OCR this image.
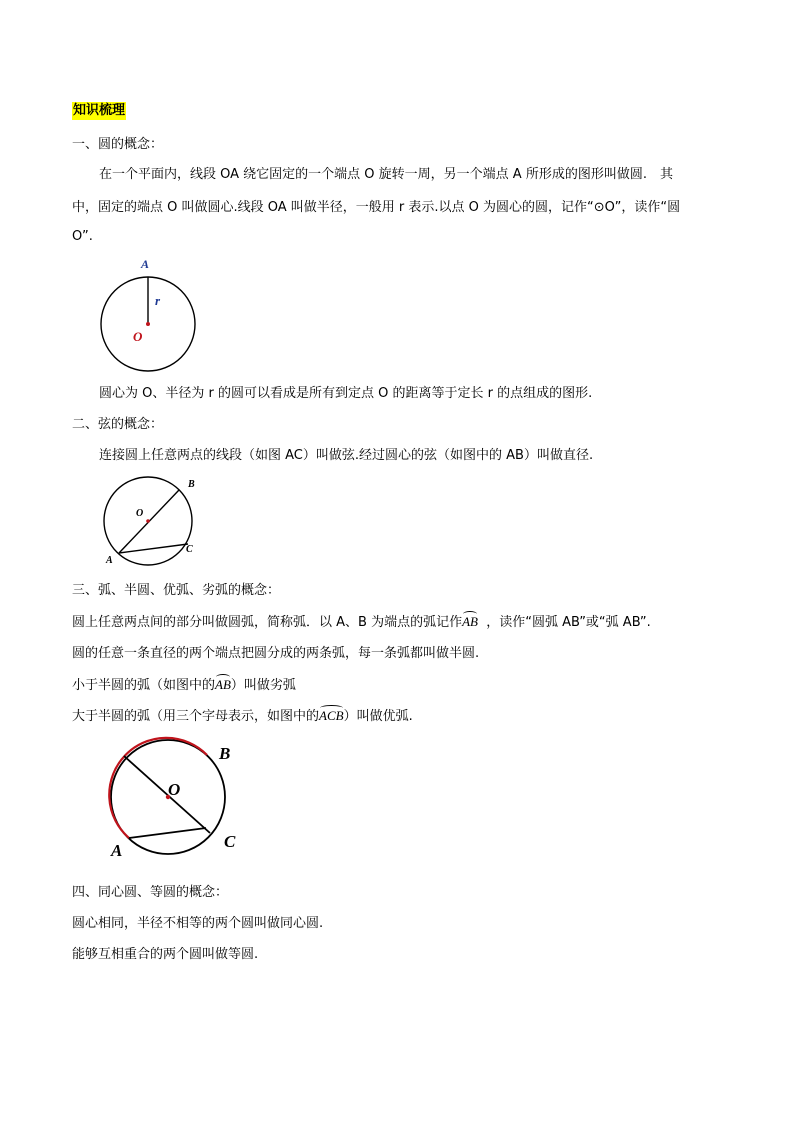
知识梳理
一、圆的概念：
在一个平面内，线段 OA 绕它固定的一个端点 O 旋转一周，另一个端点 A 所形成的图形叫做圆.　其
中，固定的端点 O 叫做圆心.线段 OA 叫做半径，一般用 r 表示.以点 O 为圆心的圆，记作“⊙O”，读作“圆
O”.
A
r
O
圆心为 O、半径为 r 的圆可以看成是所有到定点 O 的距离等于定长 r 的点组成的图形.
二、弦的概念：
连接圆上任意两点的线段（如图 AC）叫做弦.经过圆心的弦（如图中的 AB）叫做直径.
B
O
A
C
三、弧、半圆、优弧、劣弧的概念：
圆上任意两点间的部分叫做圆弧，简称弧．以 A、B 为端点的弧记作AB ，读作“圆弧 AB”或“弧 AB”.
圆的任意一条直径的两个端点把圆分成的两条弧，每一条弧都叫做半圆.
小于半圆的弧（如图中的AB）叫做劣弧
大于半圆的弧（用三个字母表示，如图中的ACB）叫做优弧.
B
O
C
A
四、同心圆、等圆的概念：
圆心相同，半径不相等的两个圆叫做同心圆.
能够互相重合的两个圆叫做等圆.
